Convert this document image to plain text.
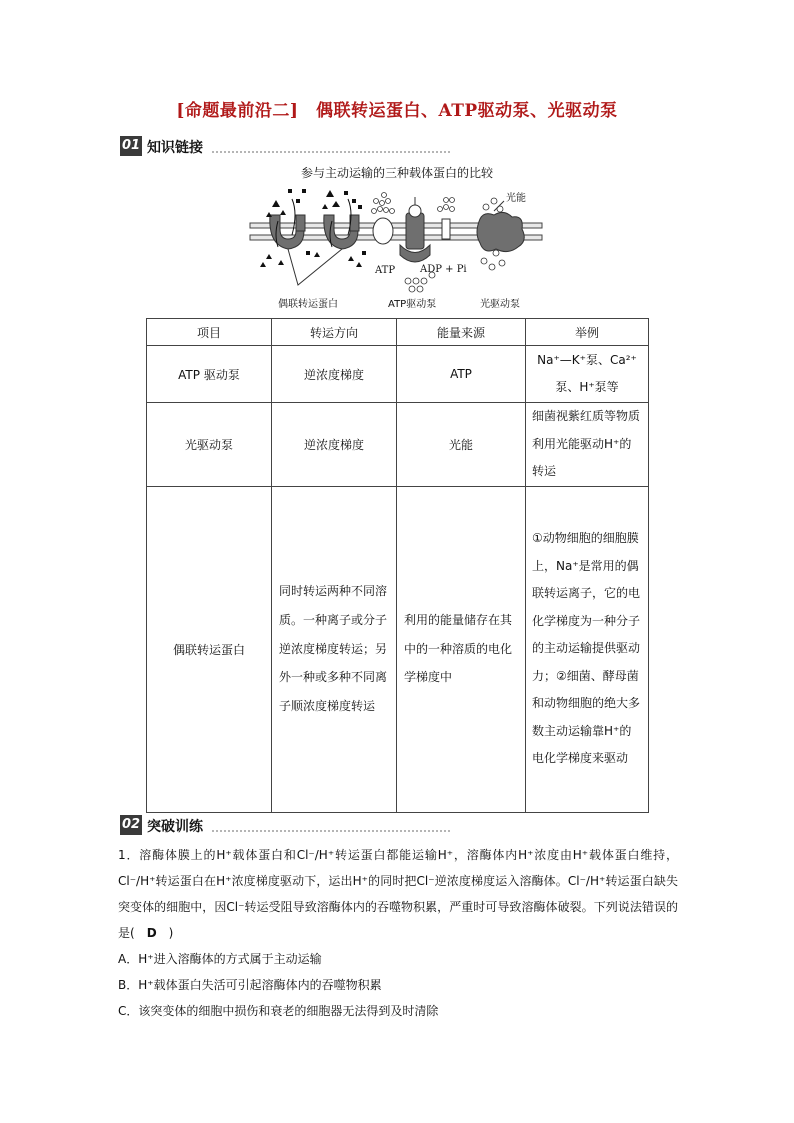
[命题最前沿二]　偶联转运蛋白、ATP驱动泵、光驱动泵
01 知识链接
参与主动运输的三种载体蛋白的比较
光能
ATP ADP + Pi
偶联转运蛋白	ATP驱动泵	光驱动泵
项目	转运方向	能量来源	举例
ATP 驱动泵	逆浓度梯度	ATP	Na⁺—K⁺泵、Ca²⁺泵、H⁺泵等
光驱动泵	逆浓度梯度	光能	细菌视紫红质等物质利用光能驱动H⁺的转运
偶联转运蛋白	同时转运两种不同溶质。一种离子或分子逆浓度梯度转运；另外一种或多种不同离子顺浓度梯度转运	利用的能量储存在其中的一种溶质的电化学梯度中	①动物细胞的细胞膜上，Na⁺是常用的偶联转运离子，它的电化学梯度为一种分子的主动运输提供驱动力；②细菌、酵母菌和动物细胞的绝大多数主动运输靠H⁺的电化学梯度来驱动
02 突破训练

1．溶酶体膜上的H⁺载体蛋白和Cl⁻/H⁺转运蛋白都能运输H⁺，溶酶体内H⁺浓度由H⁺载体蛋白维持，Cl⁻/H⁺转运蛋白在H⁺浓度梯度驱动下，运出H⁺的同时把Cl⁻逆浓度梯度运入溶酶体。Cl⁻/H⁺转运蛋白缺失突变体的细胞中，因Cl⁻转运受阻导致溶酶体内的吞噬物积累，严重时可导致溶酶体破裂。下列说法错误的是(　D　)

A．H⁺进入溶酶体的方式属于主动运输

B．H⁺载体蛋白失活可引起溶酶体内的吞噬物积累

C．该突变体的细胞中损伤和衰老的细胞器无法得到及时清除
